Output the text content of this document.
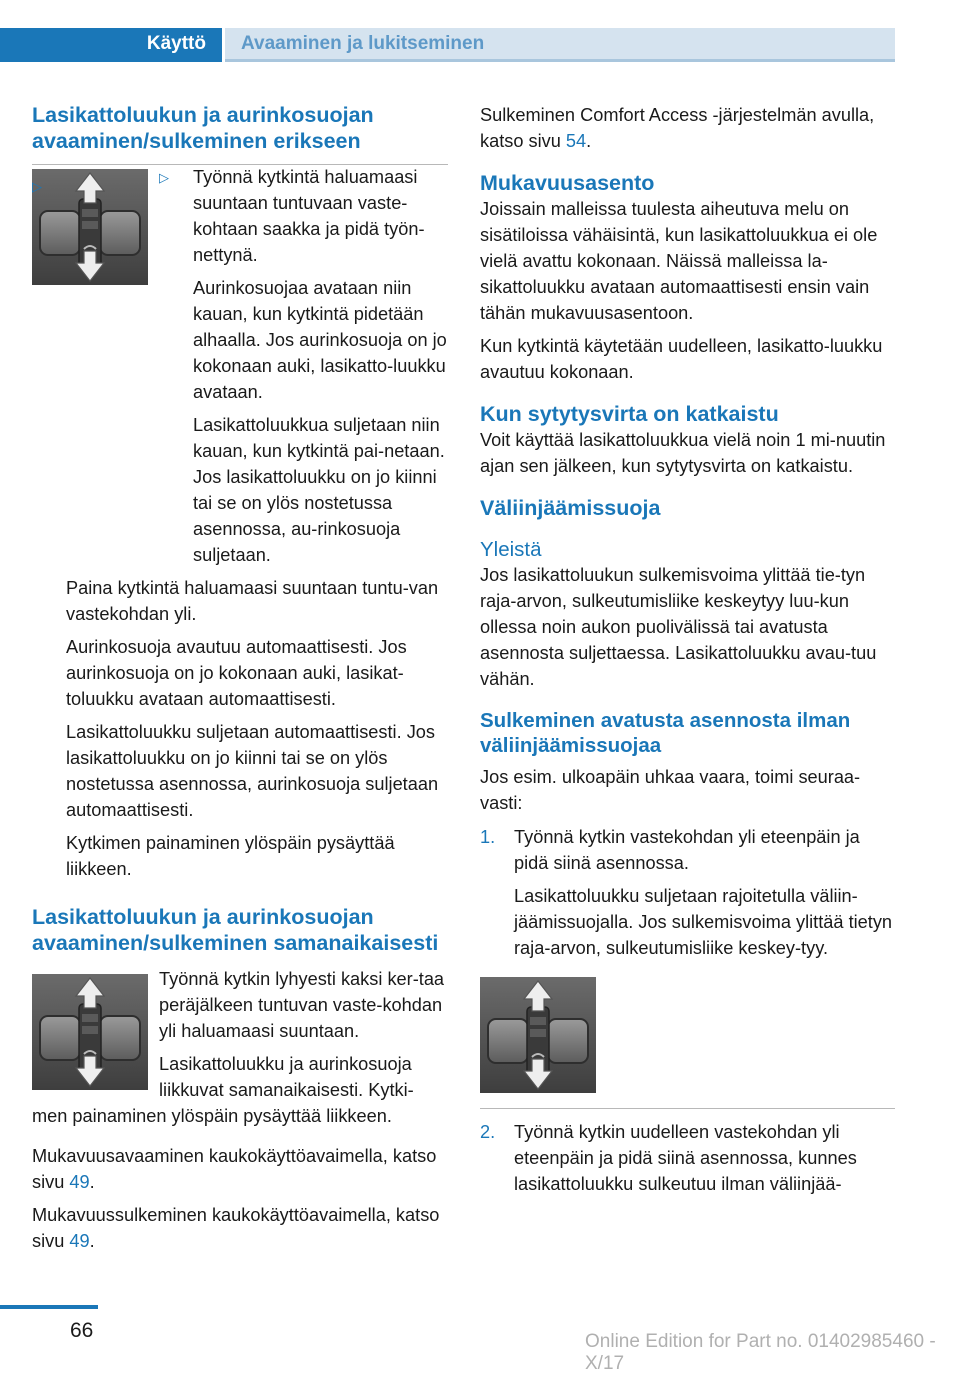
Käyttö Avaaminen ja lukitseminen
Lasikattoluukun ja aurinkosuojan avaaminen/sulkeminen erikseen
▷ Työnnä kytkintä haluamaasi suuntaan tuntuvaan vaste‐kohtaan saakka ja pidä työn‐nettynä.
Aurinkosuojaa avataan niin kauan, kun kytkintä pidetään alhaalla. Jos aurinkosuoja on jo kokonaan auki, lasikatto‐luukku avataan.
Lasikattoluukkua suljetaan niin kauan, kun kytkintä pai‐netaan. Jos lasikattoluukku on jo kiinni tai se on ylös nostetussa asennossa, au‐rinkosuoja suljetaan.
▷
Paina kytkintä haluamaasi suuntaan tuntu‐van vastekohdan yli.
Aurinkosuoja avautuu automaattisesti. Jos aurinkosuoja on jo kokonaan auki, lasikat‐toluukku avataan automaattisesti.
Lasikattoluukku suljetaan automaattisesti. Jos lasikattoluukku on jo kiinni tai se on ylös nostetussa asennossa, aurinkosuoja suljetaan automaattisesti.
Kytkimen painaminen ylöspäin pysäyttää liikkeen.
Lasikattoluukun ja aurinkosuojan avaaminen/sulkeminen samanaikaisesti
Työnnä kytkin lyhyesti kaksi ker‐taa peräjälkeen tuntuvan vaste‐kohdan yli haluamaasi suuntaan.
Lasikattoluukku ja aurinkosuoja liikkuvat samanaikaisesti. Kytki‐men painaminen ylöspäin pysäyttää liikkeen.
Mukavuusavaaminen kaukokäyttöavaimella, katso sivu 49.
Mukavuussulkeminen kaukokäyttöavaimella, katso sivu 49.
Sulkeminen Comfort Access -järjestelmän avulla, katso sivu 54.
Mukavuusasento
Joissain malleissa tuulesta aiheutuva melu on sisätiloissa vähäisintä, kun lasikattoluukkua ei ole vielä avattu kokonaan. Näissä malleissa la‐sikattoluukku avataan automaattisesti ensin vain tähän mukavuusasentoon.
Kun kytkintä käytetään uudelleen, lasikatto‐luukku avautuu kokonaan.
Kun sytytysvirta on katkaistu
Voit käyttää lasikattoluukkua vielä noin 1 mi‐nuutin ajan sen jälkeen, kun sytytysvirta on katkaistu.
Väliinjäämissuoja
Yleistä
Jos lasikattoluukun sulkemisvoima ylittää tie‐tyn raja-arvon, sulkeutumisliike keskeytyy luu‐kun ollessa noin aukon puolivälissä tai avatusta asennosta suljettaessa. Lasikattoluukku avau‐tuu vähän.
Sulkeminen avatusta asennosta ilman väliinjäämissuojaa
Jos esim. ulkoapäin uhkaa vaara, toimi seuraa‐vasti:
1. Työnnä kytkin vastekohdan yli eteenpäin ja pidä siinä asennossa.
Lasikattoluukku suljetaan rajoitetulla väliin‐jäämissuojalla. Jos sulkemisvoima ylittää tietyn raja-arvon, sulkeutumisliike keskey‐tyy.
2. Työnnä kytkin uudelleen vastekohdan yli eteenpäin ja pidä siinä asennossa, kunnes lasikattoluukku sulkeutuu ilman väliinjää‐
66	Online Edition for Part no. 01402985460 - X/17
